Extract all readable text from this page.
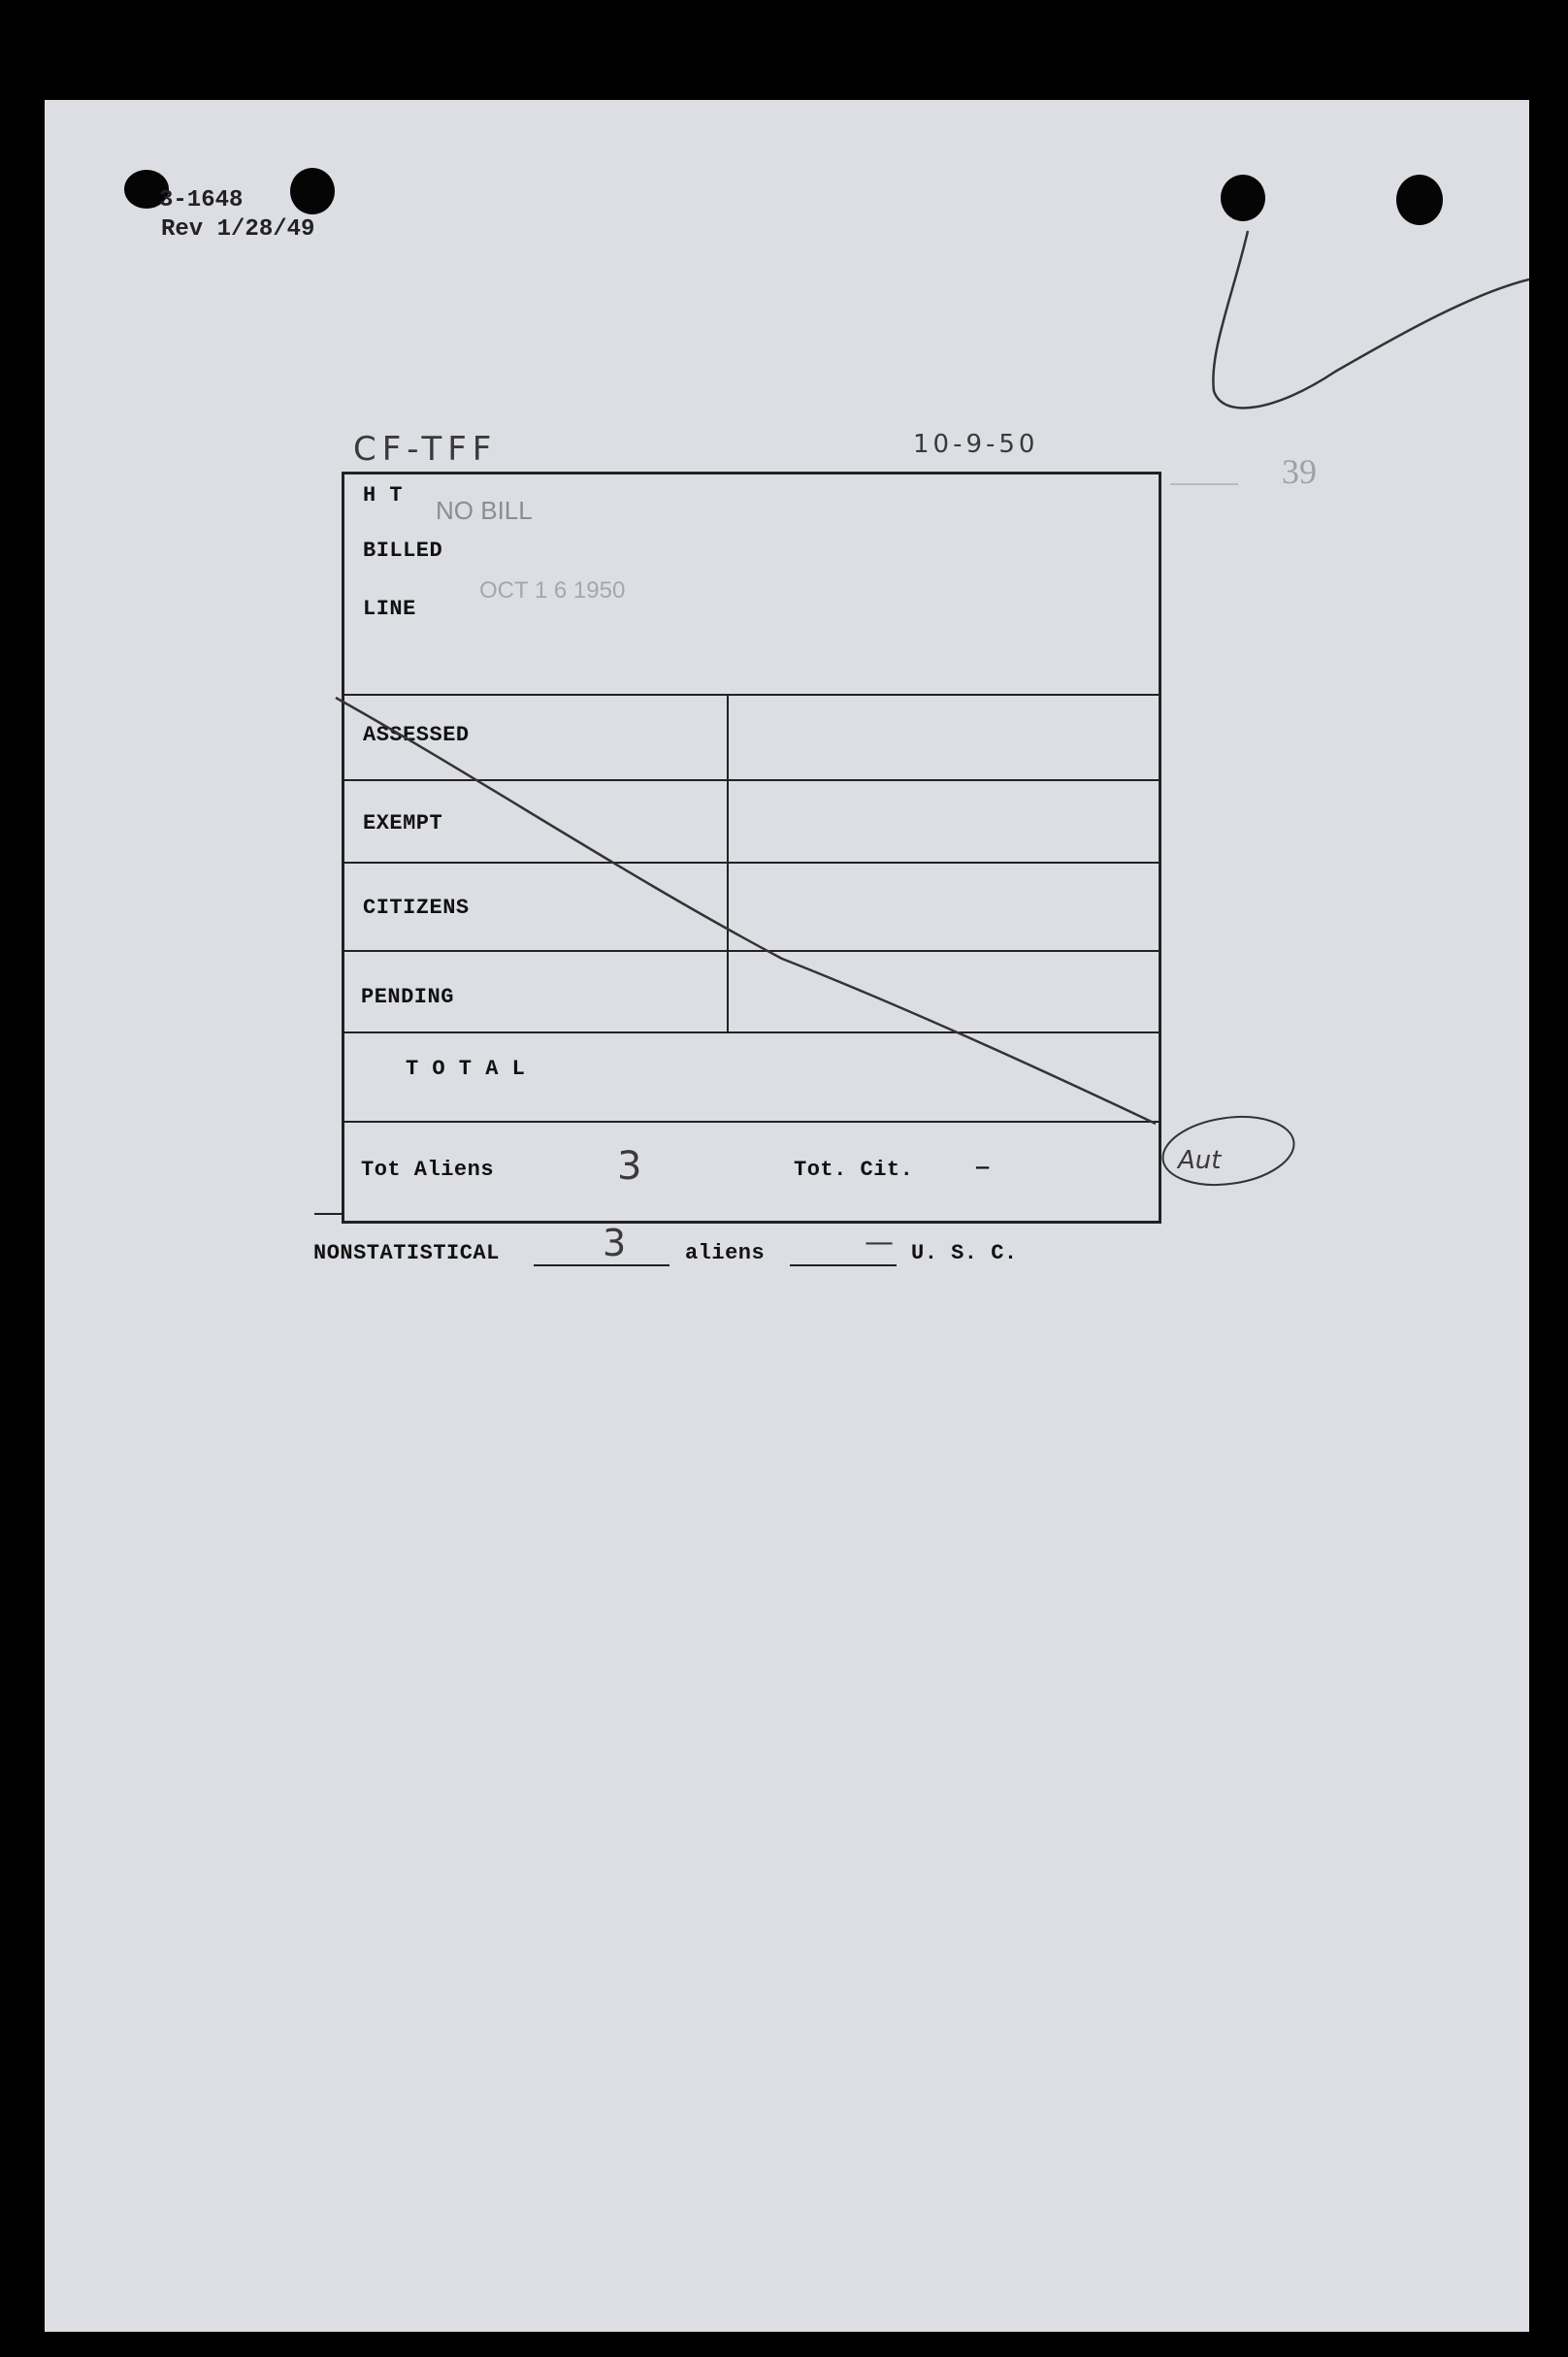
3-1648
Rev 1/28/49
CF-TFF	10-9-50
39
H T
NO BILL
BILLED
OCT 1 6 1950
LINE
ASSESSED
EXEMPT
CITIZENS
PENDING
T O T A L
Tot Aliens	3	Tot. Cit.	—
NONSTATISTICAL	3	aliens	— U. S. C.
Aut
